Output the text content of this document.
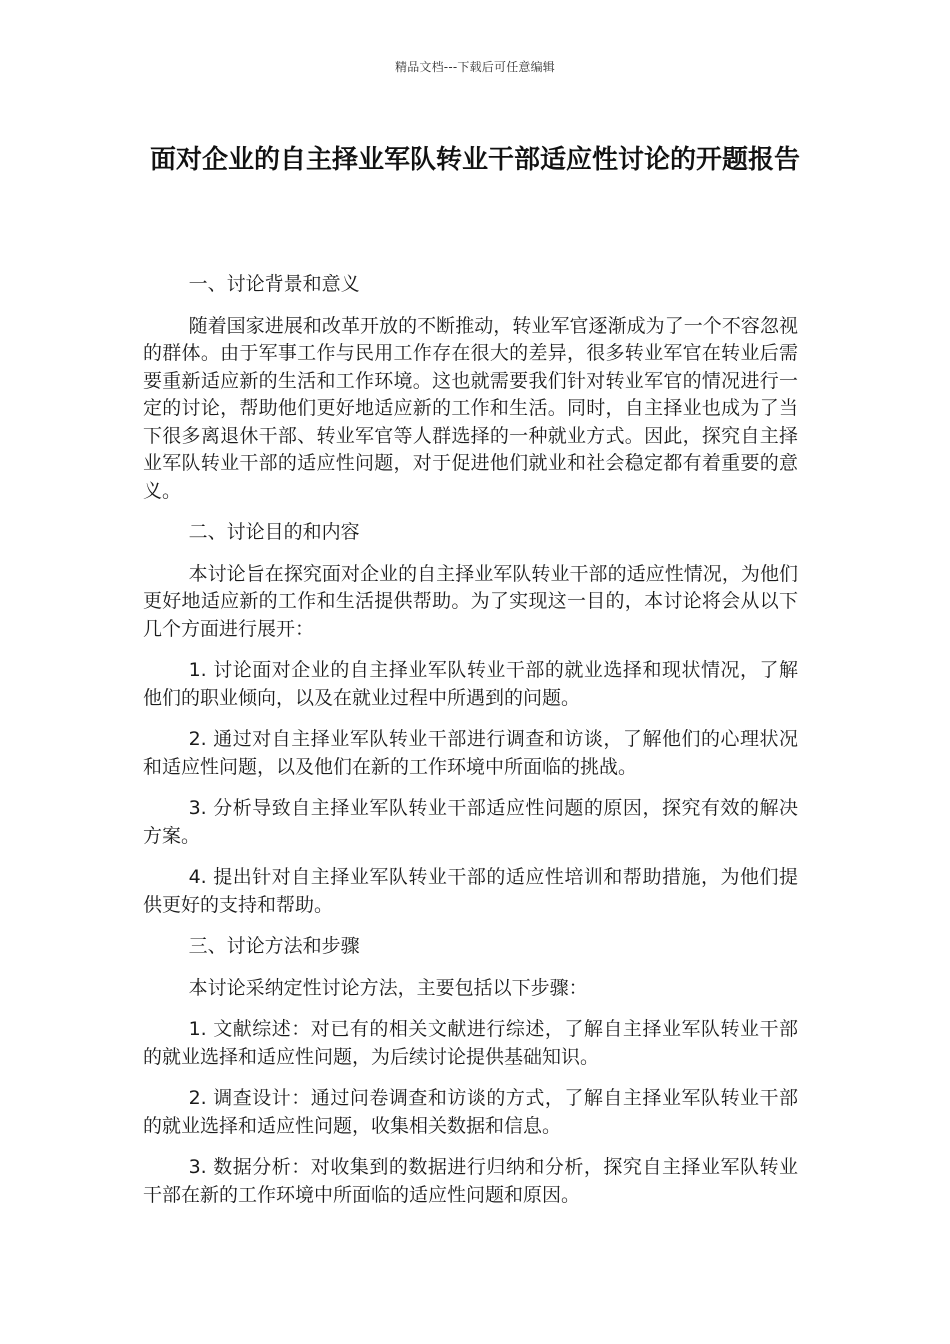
精品文档---下载后可任意编辑
面对企业的自主择业军队转业干部适应性讨论的开题报告

一、讨论背景和意义

随着国家进展和改革开放的不断推动，转业军官逐渐成为了一个不容忽视的群体。由于军事工作与民用工作存在很大的差异，很多转业军官在转业后需要重新适应新的生活和工作环境。这也就需要我们针对转业军官的情况进行一定的讨论，帮助他们更好地适应新的工作和生活。同时，自主择业也成为了当下很多离退休干部、转业军官等人群选择的一种就业方式。因此，探究自主择业军队转业干部的适应性问题，对于促进他们就业和社会稳定都有着重要的意义。

二、讨论目的和内容

本讨论旨在探究面对企业的自主择业军队转业干部的适应性情况，为他们更好地适应新的工作和生活提供帮助。为了实现这一目的，本讨论将会从以下几个方面进行展开：

1. 讨论面对企业的自主择业军队转业干部的就业选择和现状情况，了解他们的职业倾向，以及在就业过程中所遇到的问题。

2. 通过对自主择业军队转业干部进行调查和访谈，了解他们的心理状况和适应性问题，以及他们在新的工作环境中所面临的挑战。

3. 分析导致自主择业军队转业干部适应性问题的原因，探究有效的解决方案。

4. 提出针对自主择业军队转业干部的适应性培训和帮助措施，为他们提供更好的支持和帮助。

三、讨论方法和步骤

本讨论采纳定性讨论方法，主要包括以下步骤：

1. 文献综述：对已有的相关文献进行综述，了解自主择业军队转业干部的就业选择和适应性问题，为后续讨论提供基础知识。

2. 调查设计：通过问卷调查和访谈的方式，了解自主择业军队转业干部的就业选择和适应性问题，收集相关数据和信息。

3. 数据分析：对收集到的数据进行归纳和分析，探究自主择业军队转业干部在新的工作环境中所面临的适应性问题和原因。
